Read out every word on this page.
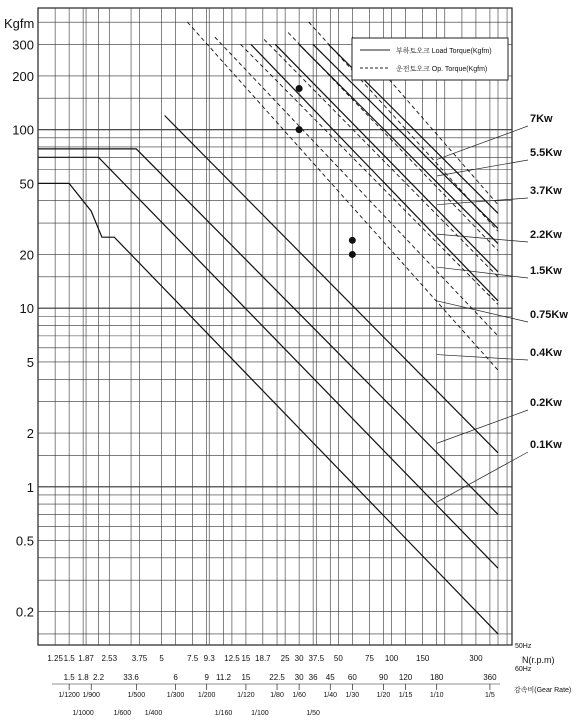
300
200
100
50
20
10
5
2
1
0.5
0.2
Kgfm
7Kw
5.5Kw
3.7Kw
2.2Kw
1.5Kw
0.75Kw
0.4Kw
0.2Kw
0.1Kw
부하토오크 Load Torque(Kgfm)
운전토오크 Op. Torque(Kgfm)
1.25 1.5 1.87 2.53 3.75 5	7.5 9.3 12.5 15 18.7 25 30 37.5 50	75 100 150	300
1.5 1.8 2.2 33.6	6	9 11.2 15 22.5 30 36 45 60	90 120 180	360
1/1200 1/900	1/500	1/300 1/200	1/120 1/80 1/60	1/40 1/30	1/20 1/15	1/10	1/5
1/1000	1/600 1/400	1/160	1/100	1/50
N(r.p.m)
50Hz
60Hz
감속비(Gear Rate)
